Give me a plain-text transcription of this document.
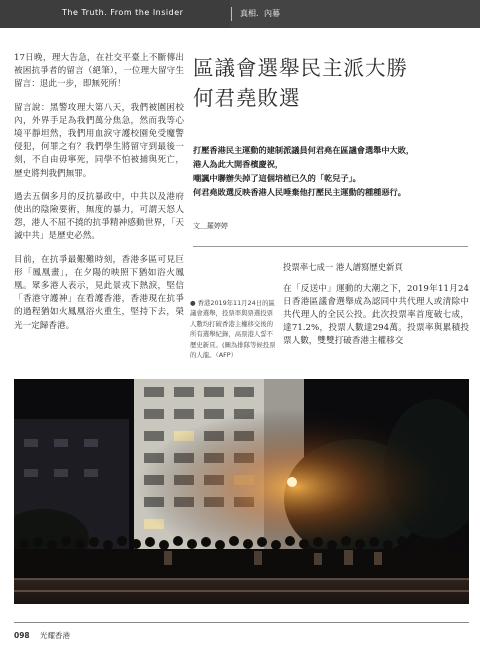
The Truth. From the Insider	真相．內幕

17日晚，理大告急，在社交平臺上不斷傳出被困抗爭者的留言（絕筆），一位理大留守生留言：退此一步，即無死所！

留言說：黑警攻理大第八天，我們被圍困校內，外界手足為我們萬分焦急，然而我等心境平靜坦然，我們用血淚守護校園免受魔警侵犯，何罪之有？我們學生將留守到最後一刻，不自由毋寧死，同學不怕被捕與死亡，歷史將判我們無罪。

過去五個多月的反抗暴政中，中共以及港府使出的陰險要術，無度的暴力，可謂天怒人怨，港人不屈不撓的抗爭精神感動世界，「天滅中共」是歷史必然。

目前，在抗爭最艱難時刻，香港多區可見巨形「鳳凰畫」，在夕陽的映照下猶如浴火鳳凰。眾多港人表示，見此景戎下熱淚，堅信「香港守護神」在看護香港，香港現在抗爭的過程猶如火鳳凰浴火重生，堅持下去，榮光一定歸香港。

區議會選舉民主派大勝
何君堯敗選
打壓香港民主運動的建制派議員何君堯在區議會選舉中大敗，
港人為此大開香檳慶祝，
嘲諷中聯辦失掉了這個培植已久的「乾兒子」。
何君堯敗選反映香港人民唾棄他打壓民主運動的種種惡行。
文＿羅婷婷
● 香港2019年11月24日的區議會選舉，投票率與票選投票人數均打破香港主權移交後的所有選舉紀錄，高票港人誓不歷史新頁。(圖為排隊等候投票的人龍。（AFP）
投票率七成一 港人譜寫歷史新頁

在「反送中」運動的大潮之下，2019年11月24日香港區議會選舉成為認同中共代理人或清除中共代理人的全民公投。此次投票率首度破七成，達71.2%，投票人數達294萬。投票率與累積投票人數，雙雙打破香港主權移交

098 光耀香港
